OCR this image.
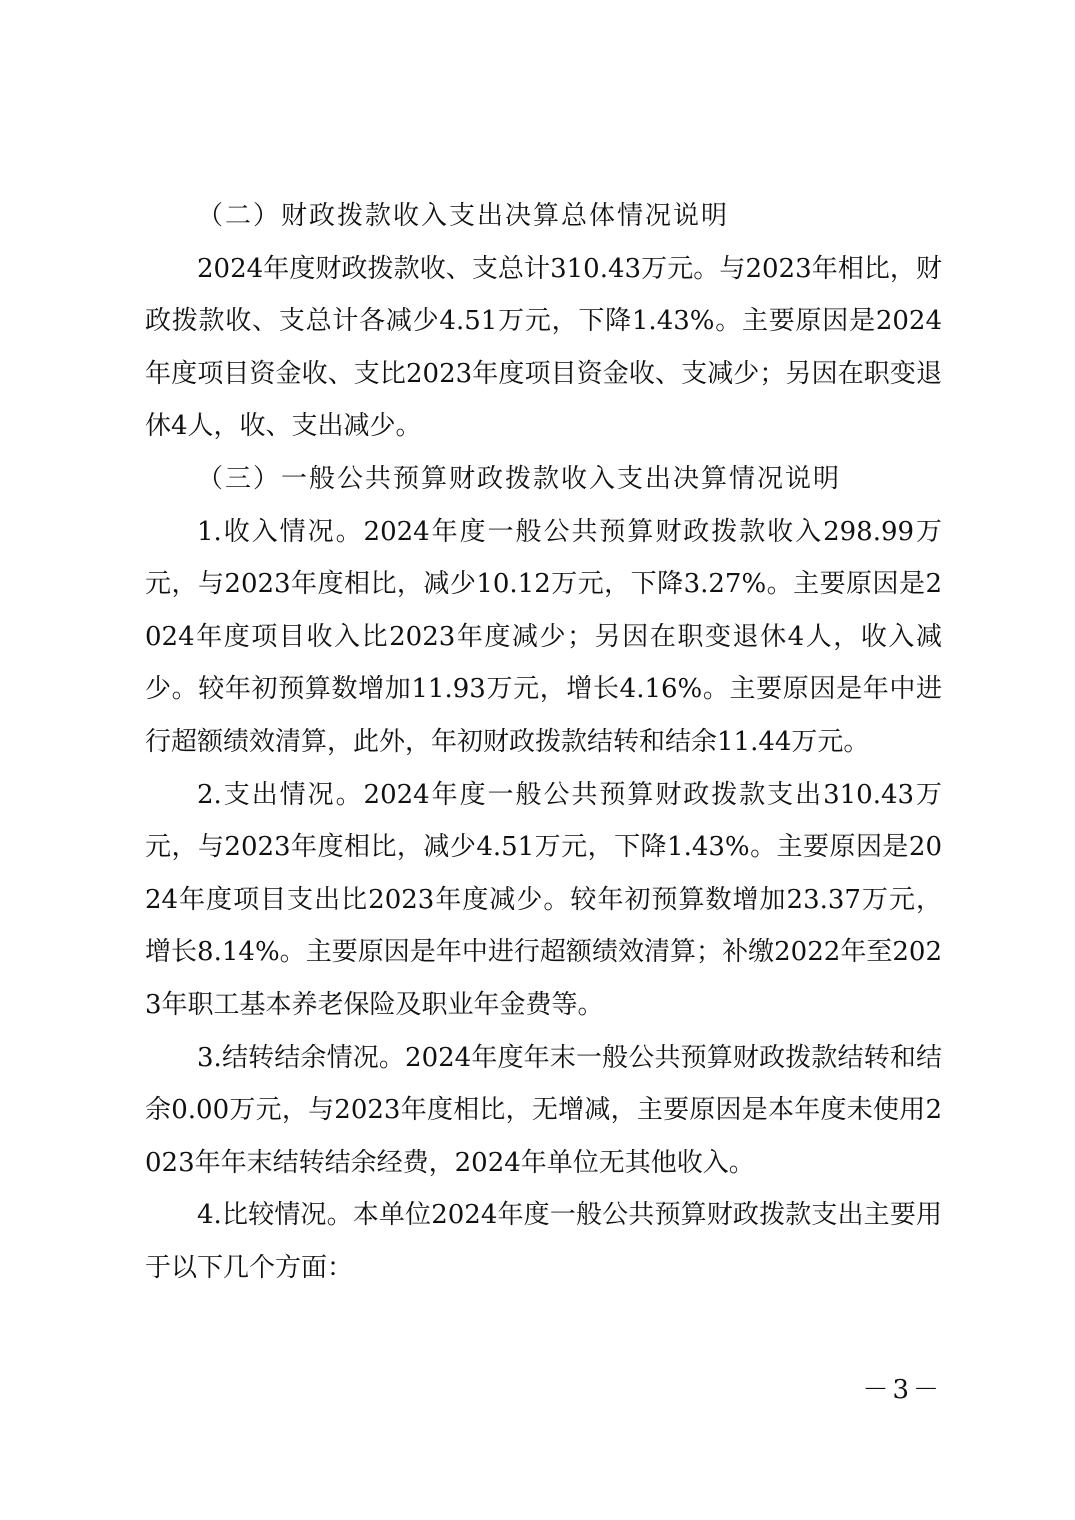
（二）财政拨款收入支出决算总体情况说明

2024年度财政拨款收、支总计310.43万元。与2023年相比，财政拨款收、支总计各减少4.51万元，下降1.43%。主要原因是2024年度项目资金收、支比2023年度项目资金收、支减少；另因在职变退休4人，收、支出减少。

（三）一般公共预算财政拨款收入支出决算情况说明

1.收入情况。2024年度一般公共预算财政拨款收入298.99万元，与2023年度相比，减少10.12万元，下降3.27%。主要原因是2024年度项目收入比2023年度减少；另因在职变退休4人，收入减少。较年初预算数增加11.93万元，增长4.16%。主要原因是年中进行超额绩效清算，此外，年初财政拨款结转和结余11.44万元。

2.支出情况。2024年度一般公共预算财政拨款支出310.43万元，与2023年度相比，减少4.51万元，下降1.43%。主要原因是2024年度项目支出比2023年度减少。较年初预算数增加23.37万元，增长8.14%。主要原因是年中进行超额绩效清算；补缴2022年至2023年职工基本养老保险及职业年金费等。

3.结转结余情况。2024年度年末一般公共预算财政拨款结转和结余0.00万元，与2023年度相比，无增减，主要原因是本年度未使用2023年年末结转结余经费，2024年单位无其他收入。

4.比较情况。本单位2024年度一般公共预算财政拨款支出主要用于以下几个方面：

－3－
